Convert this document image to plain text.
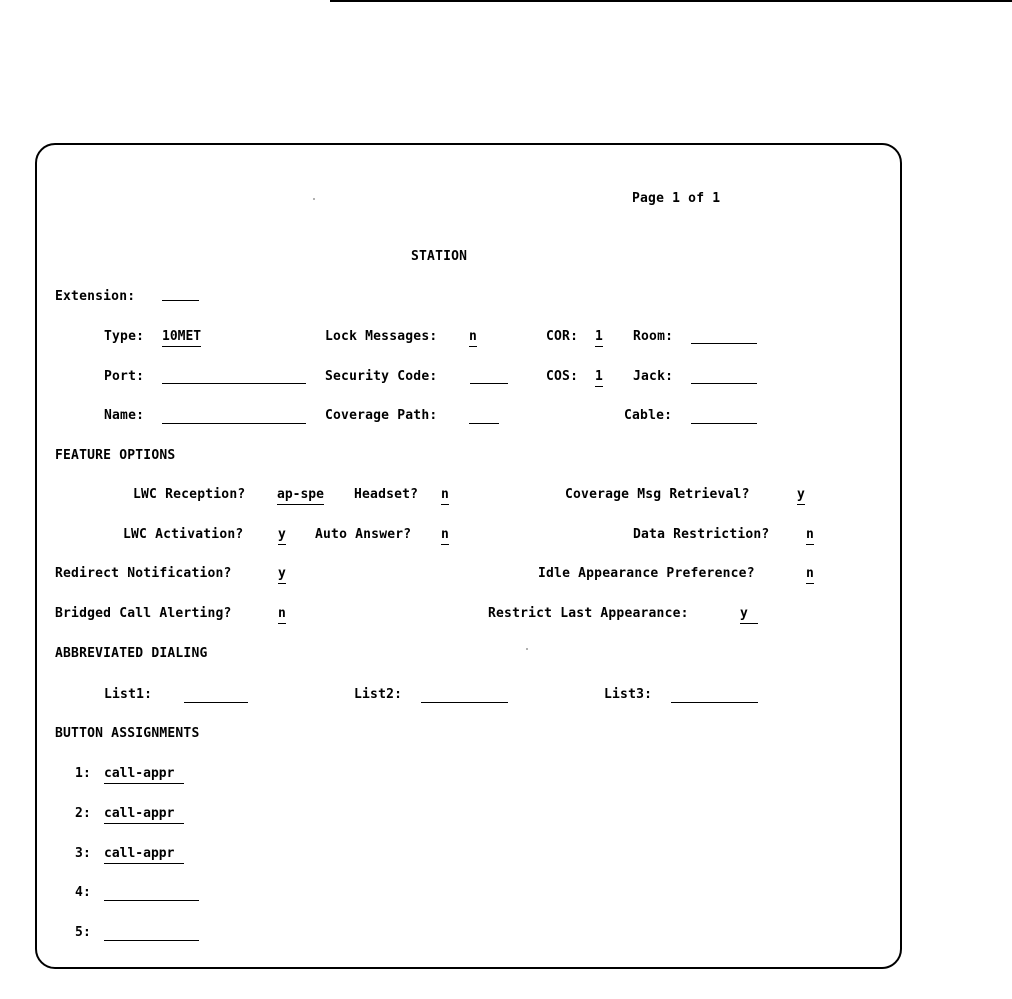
Page 1 of 1
STATION
Extension:
Type: 10MET	Lock Messages: n	COR: 1 Room:
Port:	Security Code:	COS: 1 Jack:
Name:	Coverage Path:	Cable:
FEATURE OPTIONS
LWC Reception? ap-spe Headset? n	Coverage Msg Retrieval?	y
LWC Activation?	y Auto Answer? n	Data Restriction?	n
Redirect Notification?	y	Idle Appearance Preference?	n
Bridged Call Alerting?	n	Restrict Last Appearance:	y
ABBREVIATED DIALING
List1:	List2:	List3:
BUTTON ASSIGNMENTS
1: call-appr
2: call-appr
3: call-appr
4:
5:
